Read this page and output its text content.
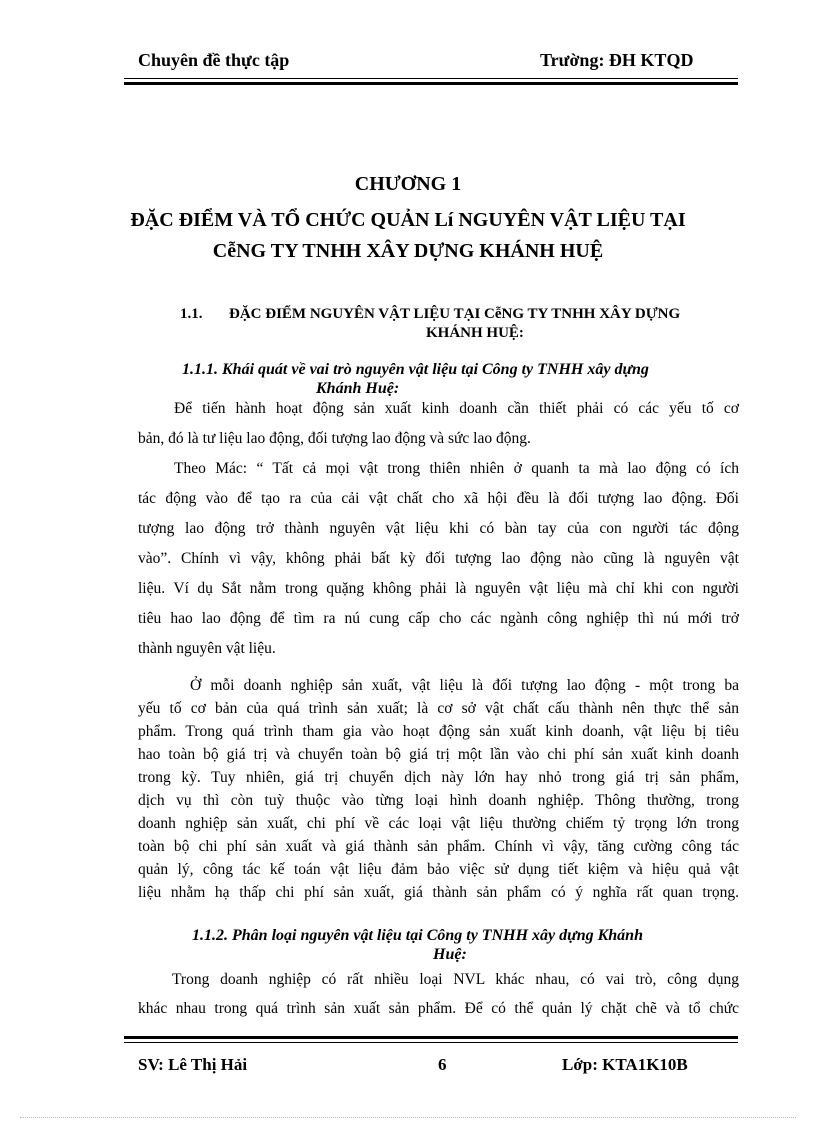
Chuyên đề thực tập	Trường: ĐH KTQD
CHƯƠNG 1
ĐẶC ĐIỂM VÀ TỔ CHỨC QUẢN Lí NGUYÊN VẬT LIỆU TẠI
CễNG TY TNHH XÂY DỰNG KHÁNH HUỆ
1.1. ĐẶC ĐIỂM NGUYÊN VẬT LIỆU TẠI CễNG TY TNHH XÂY DỰNG
KHÁNH HUỆ:
1.1.1. Khái quát về vai trò nguyên vật liệu tại Công ty TNHH xây dựng
Khánh Huệ:
Để tiến hành hoạt động sản xuất kinh doanh cần thiết phải có các yếu tố cơ
bản, đó là tư liệu lao động, đối tượng lao động và sức lao động.
Theo Mác: “ Tất cả mọi vật trong thiên nhiên ở quanh ta mà lao động có ích
tác động vào để tạo ra của cải vật chất cho xã hội đều là đối tượng lao động. Đối
tượng lao động trở thành nguyên vật liệu khi có bàn tay của con người tác động
vào”. Chính vì vậy, không phải bất kỳ đối tượng lao động nào cũng là nguyên vật
liệu. Ví dụ Sắt nằm trong quặng không phải là nguyên vật liệu mà chỉ khi con người
tiêu hao lao động để tìm ra nú cung cấp cho các ngành công nghiệp thì nú mới trở
thành nguyên vật liệu.
Ở mỗi doanh nghiệp sản xuất, vật liệu là đối tượng lao động - một trong ba
yếu tố cơ bản của quá trình sản xuất; là cơ sở vật chất cấu thành nên thực thể sản
phẩm. Trong quá trình tham gia vào hoạt động sản xuất kinh doanh, vật liệu bị tiêu
hao toàn bộ giá trị và chuyển toàn bộ giá trị một lần vào chi phí sản xuất kinh doanh
trong kỳ. Tuy nhiên, giá trị chuyển dịch này lớn hay nhỏ trong giá trị sản phẩm,
dịch vụ thì còn tuỳ thuộc vào từng loại hình doanh nghiệp. Thông thường, trong
doanh nghiệp sản xuất, chi phí về các loại vật liệu thường chiếm tỷ trọng lớn trong
toàn bộ chi phí sản xuất và giá thành sản phẩm. Chính vì vậy, tăng cường công tác
quản lý, công tác kế toán vật liệu đảm bảo việc sử dụng tiết kiệm và hiệu quả vật
liệu nhằm hạ thấp chi phí sản xuất, giá thành sản phẩm có ý nghĩa rất quan trọng.
1.1.2. Phân loại nguyên vật liệu tại Công ty TNHH xây dựng Khánh
Huệ:
Trong doanh nghiệp có rất nhiều loại NVL khác nhau, có vai trò, công dụng
khác nhau trong quá trình sản xuất sản phẩm. Để có thể quản lý chặt chẽ và tổ chức
SV: Lê Thị Hải	6	Lớp: KTA1K10B
